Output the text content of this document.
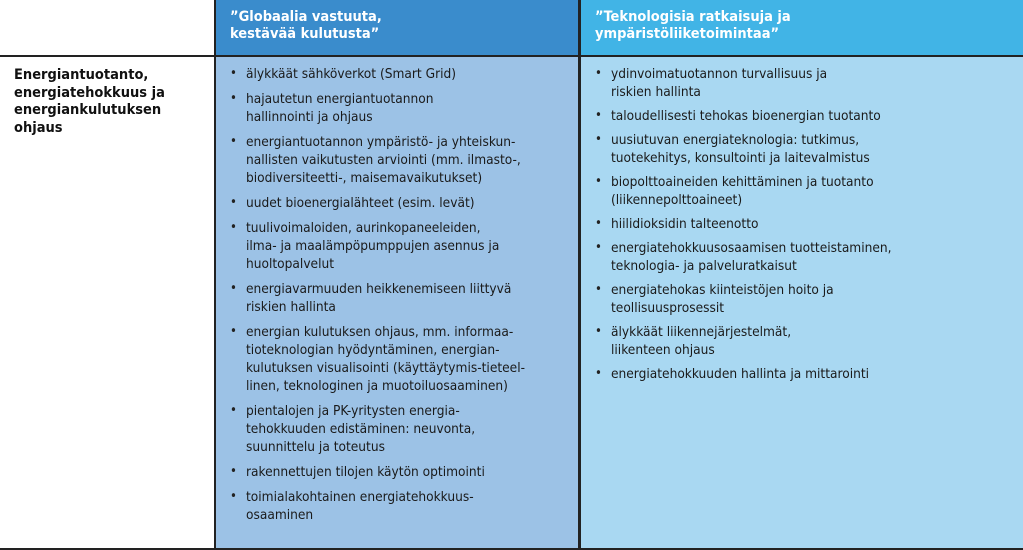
”Globaalia vastuuta,
kestävää kulutusta”
”Teknologisia ratkaisuja ja
ympäristöliiketoimintaa”
Energiantuotanto, energiatehokkuus ja energiankulutuksen ohjaus
• älykkäät sähköverkot (Smart Grid)
• hajautetun energiantuotannon
hallinnointi ja ohjaus
• energiantuotannon ympäristö- ja yhteiskun-
nallisten vaikutusten arviointi (mm. ilmasto-,
biodiversiteetti-, maisemavaikutukset)
• uudet bioenergialähteet (esim. levät)
• tuulivoimaloiden, aurinkopaneeleiden,
ilma- ja maalämpöpumppujen asennus ja
huoltopalvelut
• energiavarmuuden heikkenemiseen liittyvä
riskien hallinta
• energian kulutuksen ohjaus, mm. informaa-
tioteknologian hyödyntäminen, energian-
kulutuksen visualisointi (käyttäytymis-tieteel-
linen, teknologinen ja muotoiluosaaminen)
• pientalojen ja PK-yritysten energia-
tehokkuuden edistäminen: neuvonta,
suunnittelu ja toteutus
• rakennettujen tilojen käytön optimointi
• toimialakohtainen energiatehokkuus-
osaaminen
• ydinvoimatuotannon turvallisuus ja
riskien hallinta
• taloudellisesti tehokas bioenergian tuotanto
• uusiutuvan energiateknologia: tutkimus,
tuotekehitys, konsultointi ja laitevalmistus
• biopolttoaineiden kehittäminen ja tuotanto
(liikennepolttoaineet)
• hiilidioksidin talteenotto
• energiatehokkuusosaamisen tuotteistaminen,
teknologia- ja palveluratkaisut
• energiatehokas kiinteistöjen hoito ja
teollisuusprosessit
• älykkäät liikennejärjestelmät,
liikenteen ohjaus
• energiatehokkuuden hallinta ja mittarointi
